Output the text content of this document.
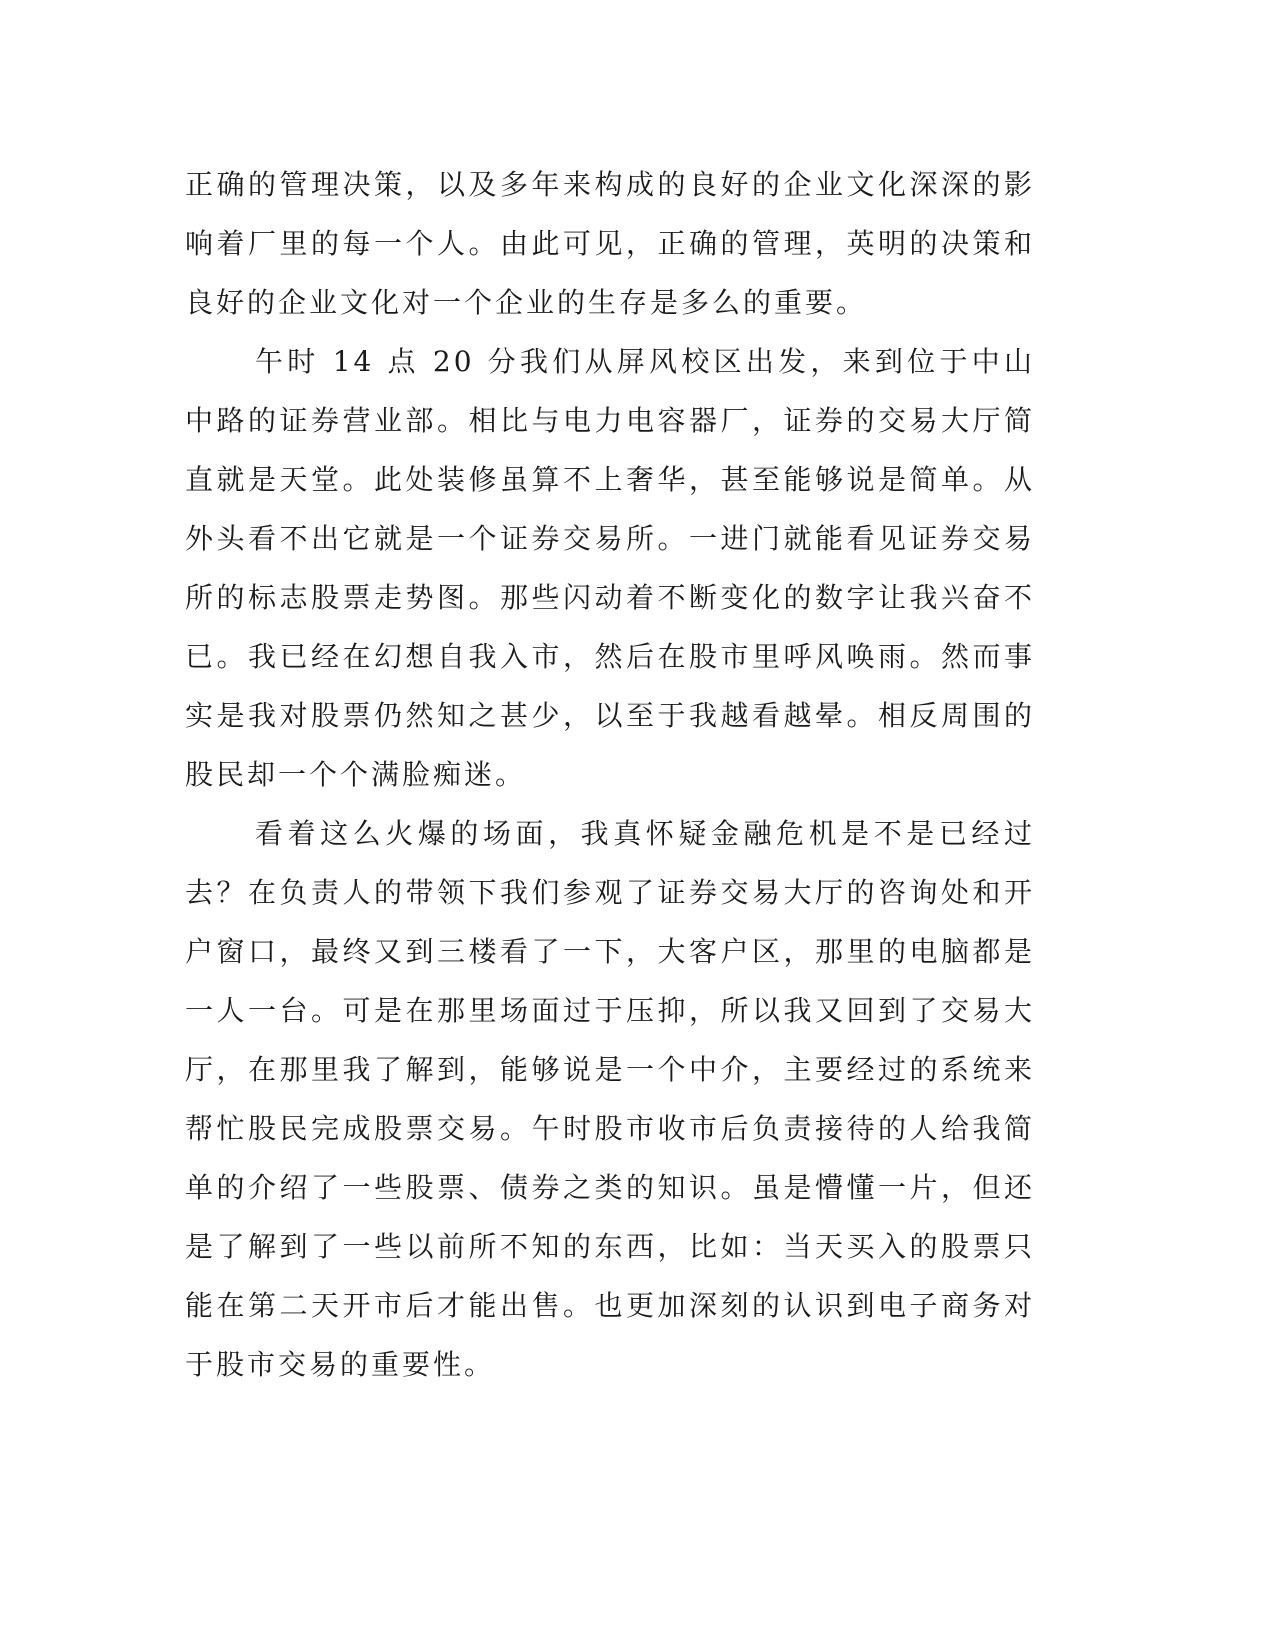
正确的管理决策，以及多年来构成的良好的企业文化深深的影响着厂里的每一个人。由此可见，正确的管理，英明的决策和良好的企业文化对一个企业的生存是多么的重要。

午时 14 点 20 分我们从屏风校区出发，来到位于中山中路的证券营业部。相比与电力电容器厂，证券的交易大厅简直就是天堂。此处装修虽算不上奢华，甚至能够说是简单。从外头看不出它就是一个证券交易所。一进门就能看见证券交易所的标志股票走势图。那些闪动着不断变化的数字让我兴奋不已。我已经在幻想自我入市，然后在股市里呼风唤雨。然而事实是我对股票仍然知之甚少，以至于我越看越晕。相反周围的股民却一个个满脸痴迷。

看着这么火爆的场面，我真怀疑金融危机是不是已经过去？在负责人的带领下我们参观了证券交易大厅的咨询处和开户窗口，最终又到三楼看了一下，大客户区，那里的电脑都是一人一台。可是在那里场面过于压抑，所以我又回到了交易大厅，在那里我了解到，能够说是一个中介，主要经过的系统来帮忙股民完成股票交易。午时股市收市后负责接待的人给我简单的介绍了一些股票、债券之类的知识。虽是懵懂一片，但还是了解到了一些以前所不知的东西，比如：当天买入的股票只能在第二天开市后才能出售。也更加深刻的认识到电子商务对于股市交易的重要性。
